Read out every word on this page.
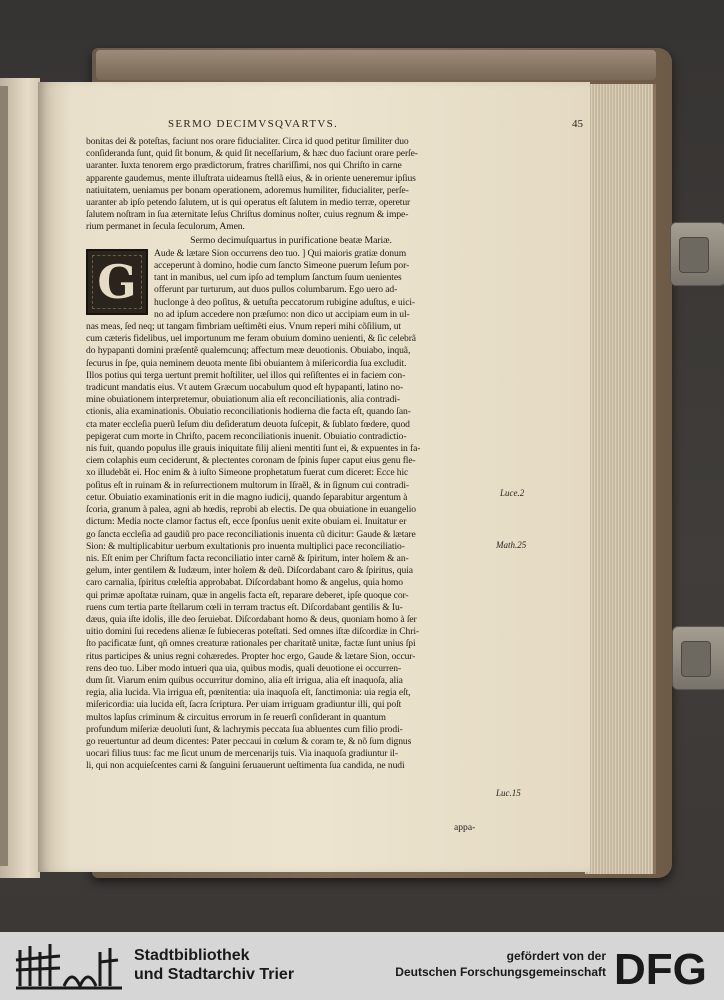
SERMO DECIMVSQVARTVS.	45
bonitas dei & poteſtas, faciunt nos orare fiducialiter. Circa id quod petitur ſimiliter duo
conſideranda ſunt, quid ſit bonum, & quid ſit neceſſarium, & hæc duo faciunt orare perſe-
uaranter. Iuxta tenorem ergo prædictorum, fratres chariſſimi, nos qui Chriſto in carne
apparente gaudemus, mente illuſtrata uideamus ſtellã eius, & in oriente ueneremur ipſius
natiuitatem, ueniamus per bonam operationem, adoremus humiliter, fiducialiter, perſe-
uaranter ab ipſo petendo ſalutem, ut is qui operatus eſt ſalutem in medio terræ, operetur
ſalutem noſtram in ſua æternitate Ieſus Chriſtus dominus noſter, cuius regnum & impe-
rium permanet in ſecula ſeculorum, Amen.
Sermo decimuſquartus in purificatione beatæ Mariæ.
G
Aude & lætare Sion occurrens deo tuo. ] Qui maioris gratiæ donum
acceperunt à domino, hodie cum ſancto Simeone puerum Ieſum por-
tant in manibus, uel cum ipſo ad templum ſanctum ſuum uenientes
offerunt par turturum, aut duos pullos columbarum. Ego uero ad-
huclonge à deo poſitus, & uetuſta peccatorum rubigine aduſtus, e uici-
no ad ipſum accedere non præſumo: non dico ut accipiam eum in ul-
nas meas, ſed neq; ut tangam fimbriam ueſtimẽti eius. Vnum reperi mihi cõſilium, ut
cum cæteris fidelibus, uel importunum me feram obuium domino uenienti, & ſic celebrã
do hypapanti domini præſentẽ qualemcunq; affectum meæ deuotionis. Obuiabo, inquã,
ſecurus in ſpe, quia neminem deuota mente ſibi obuiantem à miſericordia ſua excludit.
Illos potius qui terga uertunt premit hoſtiliter, uel illos qui reſiſtentes ei in faciem con-
tradicunt mandatis eius. Vt autem Græcum uocabulum quod eſt hypapanti, latino no-
mine obuiationem interpretemur, obuiationum alia eſt reconciliationis, alia contradi-
ctionis, alia examinationis. Obuiatio reconciliationis hodierna die facta eſt, quando ſan-
cta mater eccleſia puerũ Ieſum diu deſideratum deuota ſuſcepit, & ſublato fœdere, quod
pepigerat cum morte in Chriſto, pacem reconciliationis inuenit. Obuiatio contradictio-
nis fuit, quando populus ille grauis iniquitate filij alieni mentiti ſunt ei, & expuentes in fa-
ciem colaphis eum ceciderunt, & plectentes coronam de ſpinis ſuper caput eius genu fle-
xo illudebãt ei. Hoc enim & à iuſto Simeone prophetatum fuerat cum diceret: Ecce hic
poſitus eſt in ruinam & in reſurrectionem multorum in Iſraẽl, & in ſignum cui contradi-
cetur. Obuiatio examinationis erit in die magno iudicij, quando ſeparabitur argentum à
ſcoria, granum à palea, agni ab hœdis, reprobi ab electis. De qua obuiatione in euangelio
dictum: Media nocte clamor factus eſt, ecce ſponſus uenit exite obuiam ei. Inuitatur er
go ſancta eccleſia ad gaudiũ pro pace reconciliationis inuenta cũ dicitur: Gaude & lætare
Sion: & multiplicabitur uerbum exultationis pro inuenta multiplici pace reconciliatio-
nis. Eſt enim per Chriſtum facta reconciliatio inter carnẽ & ſpiritum, inter hoĩem & an-
gelum, inter gentilem & Iudæum, inter hoĩem & deũ. Diſcordabant caro & ſpiritus, quia
caro carnalia, ſpiritus cœleſtia approbabat. Diſcordabant homo & angelus, quia homo
qui primæ apoſtatæ ruinam, quæ in angelis facta eſt, reparare deberet, ipſe quoque cor-
ruens cum tertia parte ſtellarum cœli in terram tractus eſt. Diſcordabant gentilis & Iu-
dæus, quia iſte idolis, ille deo ſeruiebat. Diſcordabant homo & deus, quoniam homo à ſer
uitio domini ſui recedens alienæ ſe ſubieceras poteſtati. Sed omnes iſtæ diſcordiæ in Chri-
ſto pacificatæ ſunt, qñ omnes creaturæ rationales per charitatẽ unitæ, factæ ſunt unius ſpi
ritus participes & unius regni cohæredes. Propter hoc ergo, Gaude & lætare Sion, occur-
rens deo tuo. Liber modo intueri qua uia, quibus modis, quali deuotione ei occurren-
dum ſit. Viarum enim quibus occurritur domino, alia eſt irrigua, alia eſt inaquoſa, alia
regia, alia lucida. Via irrigua eſt, pœnitentia: uia inaquoſa eſt, ſanctimonia: uia regia eſt,
miſericordia: uia lucida eſt, ſacra ſcriptura. Per uiam irriguam gradiuntur illi, qui poſt
multos lapſus criminum & circuitus errorum in ſe reuerſi conſiderant in quantum
profundum miſeriæ deuoluti ſunt, & lachrymis peccata ſua abluentes cum filio prodi-
go reuertuntur ad deum dicentes: Pater peccaui in cœlum & coram te, & nõ ſum dignus
uocari filius tuus: fac me ſicut unum de mercenarijs tuis. Via inaquoſa gradiuntur il-
li, qui non acquieſcentes carni & ſanguini ſeruauerunt ueſtimenta ſua candida, ne nudi
Luce.2
Math.25
Luc.15
appa-
Stadtbibliothek
und Stadtarchiv Trier
gefördert von der
Deutschen Forschungsgemeinschaft DFG
